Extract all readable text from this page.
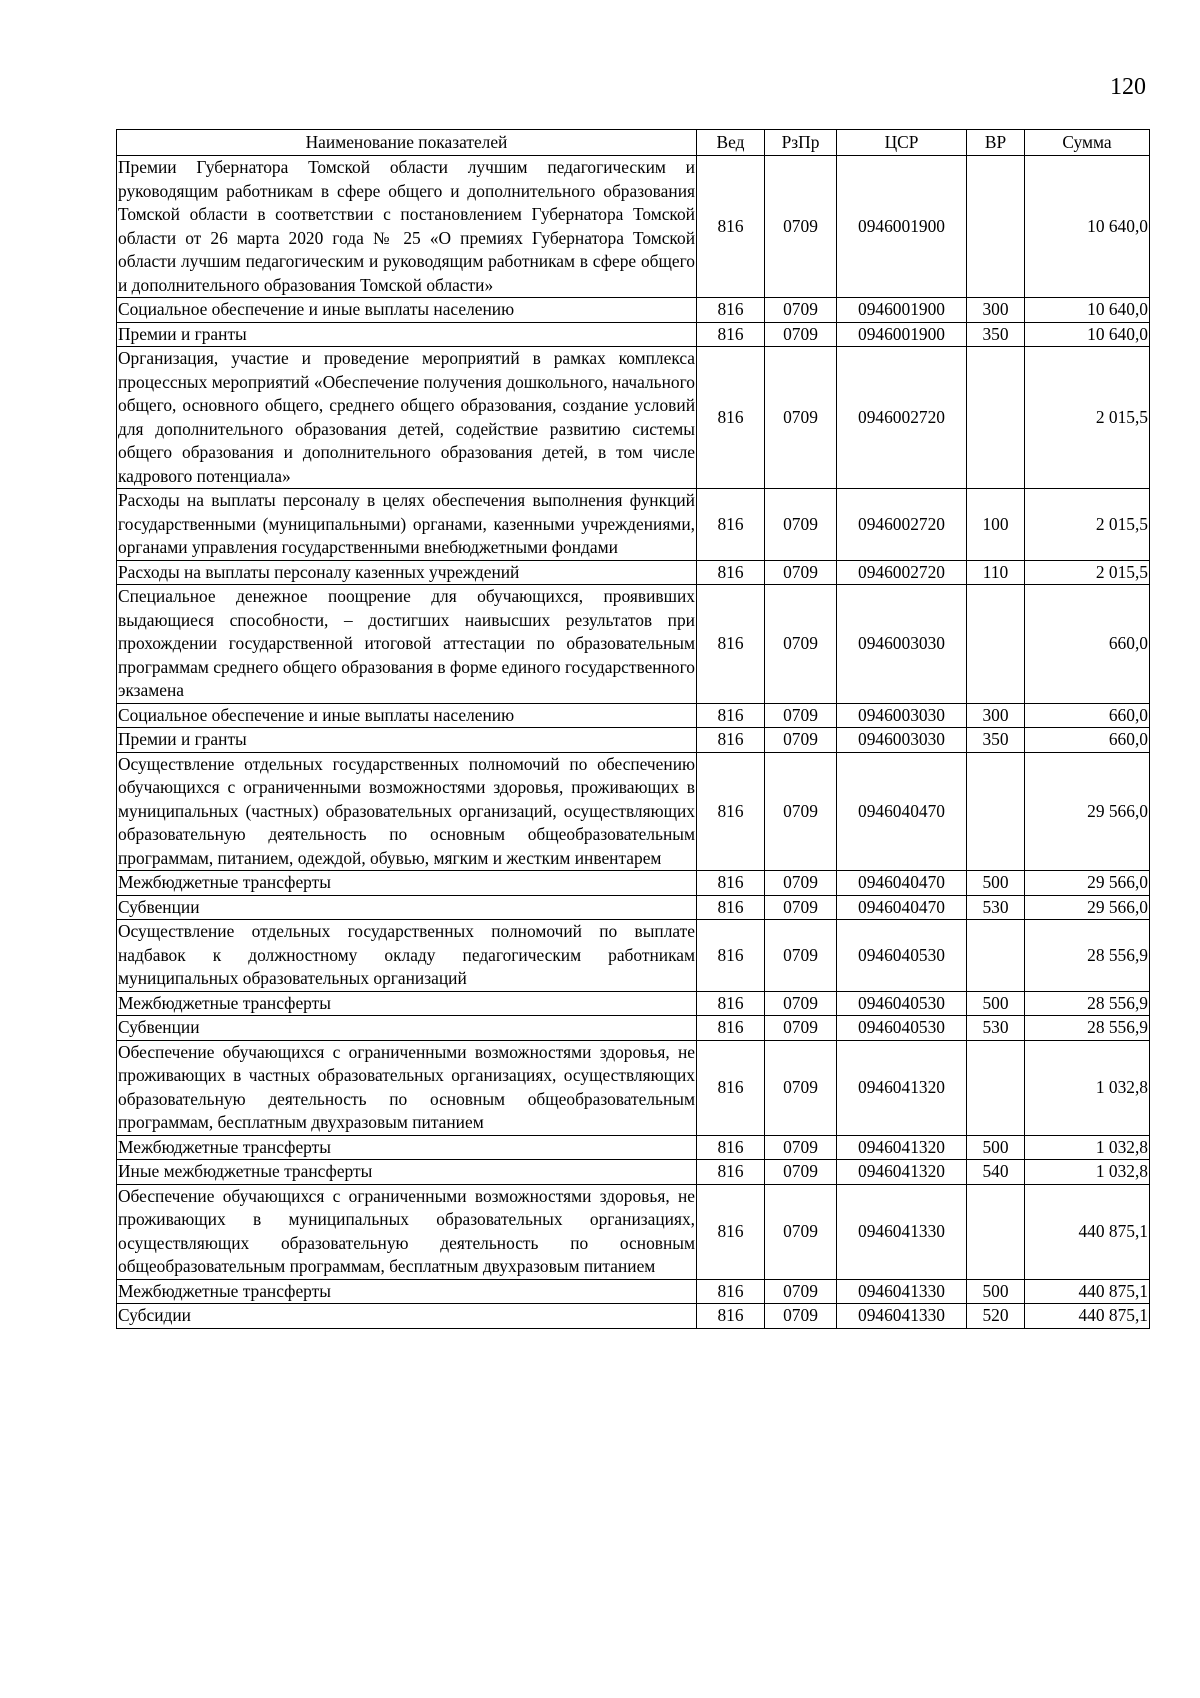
120
Наименование показателей	Вед	РзПр	ЦСР	ВР	Сумма
Премии Губернатора Томской области лучшим педагогическим и руководящим работникам в сфере общего и дополнительного образования Томской области в соответствии с постановлением Губернатора Томской области от 26 марта 2020 года № 25 «О премиях Губернатора Томской области лучшим педагогическим и руководящим работникам в сфере общего и дополнительного образования Томской области»	816	0709	0946001900		10 640,0
Социальное обеспечение и иные выплаты населению	816	0709	0946001900	300	10 640,0
Премии и гранты	816	0709	0946001900	350	10 640,0
Организация, участие и проведение мероприятий в рамках комплекса процессных мероприятий «Обеспечение получения дошкольного, начального общего, основного общего, среднего общего образования, создание условий для дополнительного образования детей, содействие развитию системы общего образования и дополнительного образования детей, в том числе кадрового потенциала»	816	0709	0946002720		2 015,5
Расходы на выплаты персоналу в целях обеспечения выполнения функций государственными (муниципальными) органами, казенными учреждениями, органами управления государственными внебюджетными фондами	816	0709	0946002720	100	2 015,5
Расходы на выплаты персоналу казенных учреждений	816	0709	0946002720	110	2 015,5
Специальное денежное поощрение для обучающихся, проявивших выдающиеся способности, – достигших наивысших результатов при прохождении государственной итоговой аттестации по образовательным программам среднего общего образования в форме единого государственного экзамена	816	0709	0946003030		660,0
Социальное обеспечение и иные выплаты населению	816	0709	0946003030	300	660,0
Премии и гранты	816	0709	0946003030	350	660,0
Осуществление отдельных государственных полномочий по обеспечению обучающихся с ограниченными возможностями здоровья, проживающих в муниципальных (частных) образовательных организаций, осуществляющих образовательную деятельность по основным общеобразовательным программам, питанием, одеждой, обувью, мягким и жестким инвентарем	816	0709	0946040470		29 566,0
Межбюджетные трансферты	816	0709	0946040470	500	29 566,0
Субвенции	816	0709	0946040470	530	29 566,0
Осуществление отдельных государственных полномочий по выплате надбавок к должностному окладу педагогическим работникам муниципальных образовательных организаций	816	0709	0946040530		28 556,9
Межбюджетные трансферты	816	0709	0946040530	500	28 556,9
Субвенции	816	0709	0946040530	530	28 556,9
Обеспечение обучающихся с ограниченными возможностями здоровья, не проживающих в частных образовательных организациях, осуществляющих образовательную деятельность по основным общеобразовательным программам, бесплатным двухразовым питанием	816	0709	0946041320		1 032,8
Межбюджетные трансферты	816	0709	0946041320	500	1 032,8
Иные межбюджетные трансферты	816	0709	0946041320	540	1 032,8
Обеспечение обучающихся с ограниченными возможностями здоровья, не проживающих в муниципальных образовательных организациях, осуществляющих образовательную деятельность по основным общеобразовательным программам, бесплатным двухразовым питанием	816	0709	0946041330		440 875,1
Межбюджетные трансферты	816	0709	0946041330	500	440 875,1
Субсидии	816	0709	0946041330	520	440 875,1
